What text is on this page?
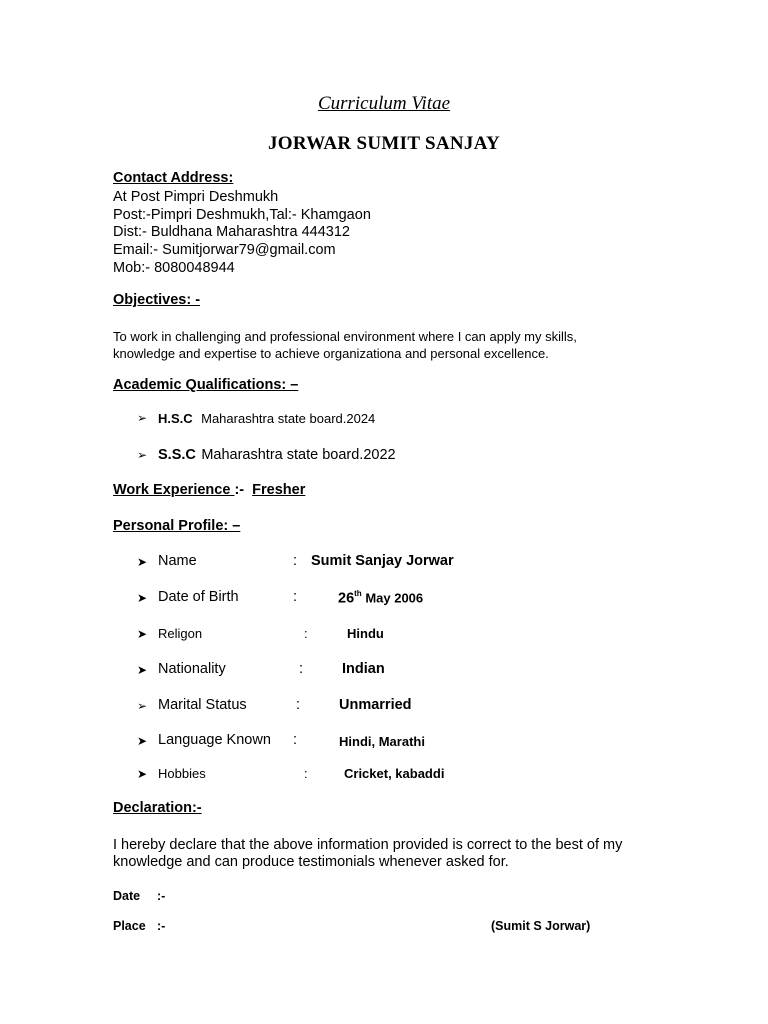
Curriculum Vitae
JORWAR SUMIT SANJAY
Contact Address:
At Post Pimpri Deshmukh
Post:-Pimpri Deshmukh,Tal:- Khamgaon
Dist:- Buldhana Maharashtra 444312
Email:- Sumitjorwar79@gmail.com
Mob:- 8080048944
Objectives: -
To work in challenging and professional environment where I can apply my skills,
knowledge and expertise to achieve organizationa and personal excellence.
Academic Qualifications: –
➢ H.S.C Maharashtra state board.2024
➢ S.S.C Maharashtra state board.2022
Work Experience :- Fresher
Personal Profile: –
➤ Name	: Sumit Sanjay Jorwar
➤ Date of Birth	:	26th May 2006
➤ Religon	:	Hindu
➤ Nationality	:	Indian
➢ Marital Status	:	Unmarried
➤ Language Known :	Hindi, Marathi
➤ Hobbies	:	Cricket, kabaddi
Declaration:-
I hereby declare that the above information provided is correct to the best of my
knowledge and can produce testimonials whenever asked for.
Date :-
Place :-	(Sumit S Jorwar)
